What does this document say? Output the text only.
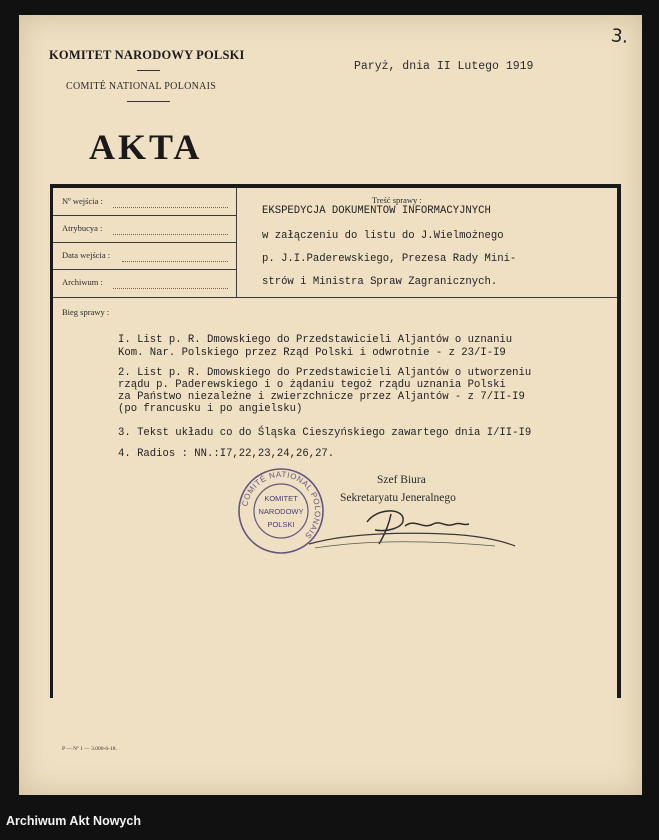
KOMITET NARODOWY POLSKI
COMITÉ NATIONAL POLONAIS
Paryż, dnia II Lutego 1919
3.
AKTA
Nº wejścia :
Atrybucya :
Data wejścia :
Archiwum :
Treść sprawy :
EKSPEDYCJA DOKUMENTOW INFORMACYJNYCH
w załączeniu do listu do J.Wielmożnego
p. J.I.Paderewskiego, Prezesa Rady Mini-
strów i Ministra Spraw Zagranicznych.
Bieg sprawy :
I. List p. R. Dmowskiego do Przedstawicieli Aljantów o uznaniu
Kom. Nar. Polskiego przez Rząd Polski i odwrotnie - z 23/I-I9
2. List p. R. Dmowskiego do Przedstawicieli Aljantów o utworzeniu
rządu p. Paderewskiego i o żądaniu tegoż rządu uznania Polski
za Państwo niezależne i zwierzchnicze przez Aljantów - z 7/II-I9
(po francusku i po angielsku)
3. Tekst układu co do Śląska Cieszyńskiego zawartego dnia I/II-I9
4. Radios : NN.:I7,22,23,24,26,27.
COMITÉ NATIONAL POLONAIS
KOMITET
NARODOWY
POLSKI
Szef Biura
Sekretaryatu Jeneralnego
P — Nº 1 — 3.000-6-18.
Archiwum Akt Nowych
